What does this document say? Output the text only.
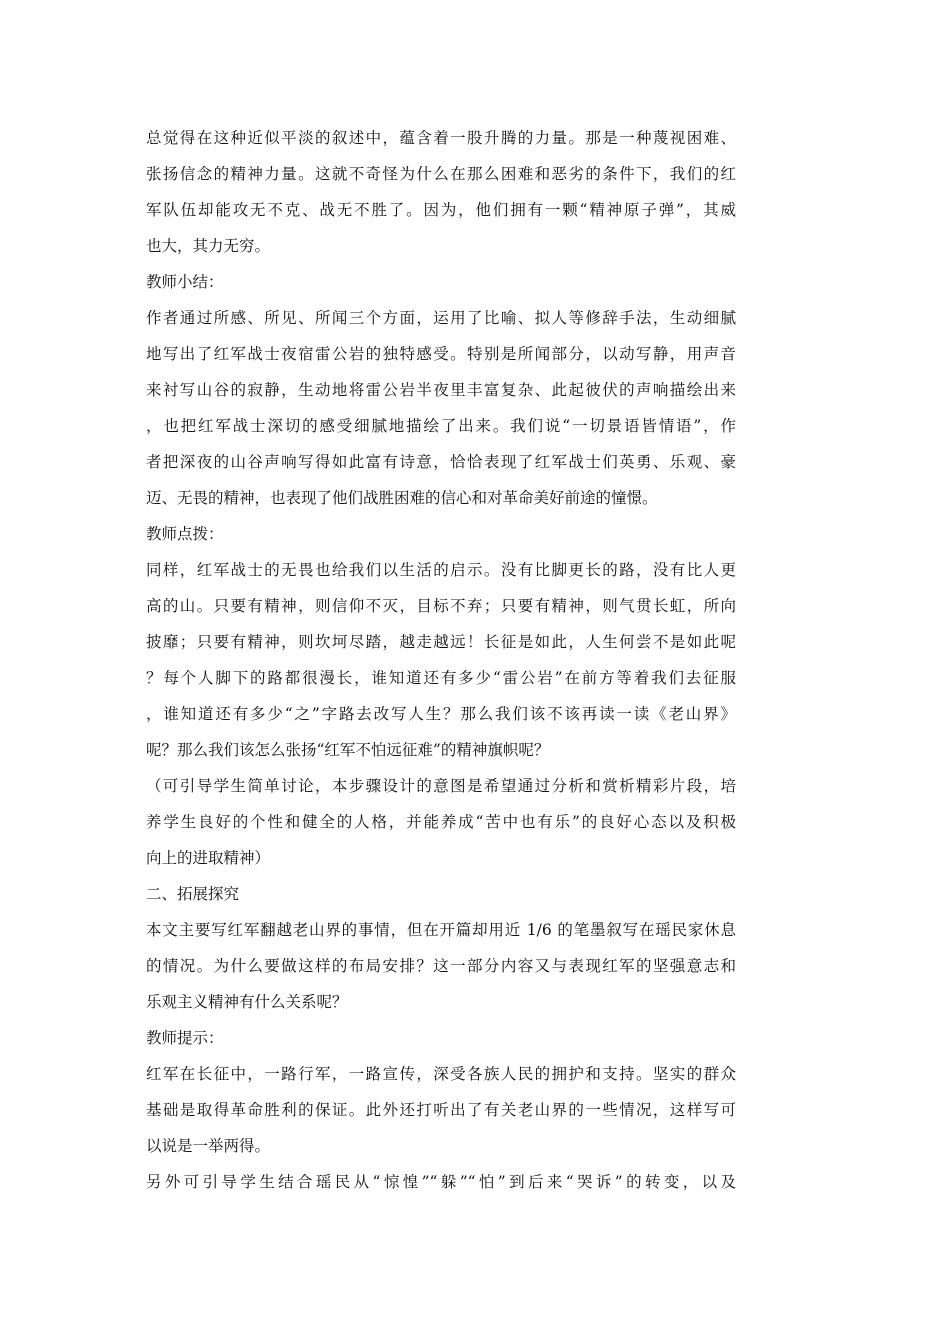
总觉得在这种近似平淡的叙述中，蕴含着一股升腾的力量。那是一种蔑视困难、
张扬信念的精神力量。这就不奇怪为什么在那么困难和恶劣的条件下，我们的红
军队伍却能攻无不克、战无不胜了。因为，他们拥有一颗“精神原子弹”，其威
也大，其力无穷。
教师小结：
作者通过所感、所见、所闻三个方面，运用了比喻、拟人等修辞手法，生动细腻
地写出了红军战士夜宿雷公岩的独特感受。特别是所闻部分，以动写静，用声音
来衬写山谷的寂静，生动地将雷公岩半夜里丰富复杂、此起彼伏的声响描绘出来
，也把红军战士深切的感受细腻地描绘了出来。我们说“一切景语皆情语”，作
者把深夜的山谷声响写得如此富有诗意，恰恰表现了红军战士们英勇、乐观、豪
迈、无畏的精神，也表现了他们战胜困难的信心和对革命美好前途的憧憬。
教师点拨：
同样，红军战士的无畏也给我们以生活的启示。没有比脚更长的路，没有比人更
高的山。只要有精神，则信仰不灭，目标不弃；只要有精神，则气贯长虹，所向
披靡；只要有精神，则坎坷尽踏，越走越远！长征是如此，人生何尝不是如此呢
？每个人脚下的路都很漫长，谁知道还有多少“雷公岩”在前方等着我们去征服
，谁知道还有多少“之”字路去改写人生？那么我们该不该再读一读《老山界》
呢？那么我们该怎么张扬“红军不怕远征难”的精神旗帜呢？
（可引导学生简单讨论，本步骤设计的意图是希望通过分析和赏析精彩片段，培
养学生良好的个性和健全的人格，并能养成“苦中也有乐”的良好心态以及积极
向上的进取精神）
二、拓展探究
本文主要写红军翻越老山界的事情，但在开篇却用近 1/6 的笔墨叙写在瑶民家休息
的情况。为什么要做这样的布局安排？这一部分内容又与表现红军的坚强意志和
乐观主义精神有什么关系呢？
教师提示：
红军在长征中，一路行军，一路宣传，深受各族人民的拥护和支持。坚实的群众
基础是取得革命胜利的保证。此外还打听出了有关老山界的一些情况，这样写可
以说是一举两得。
另外可引导学生结合瑶民从“惊惶”“躲”“怕”到后来“哭诉”的转变，以及
